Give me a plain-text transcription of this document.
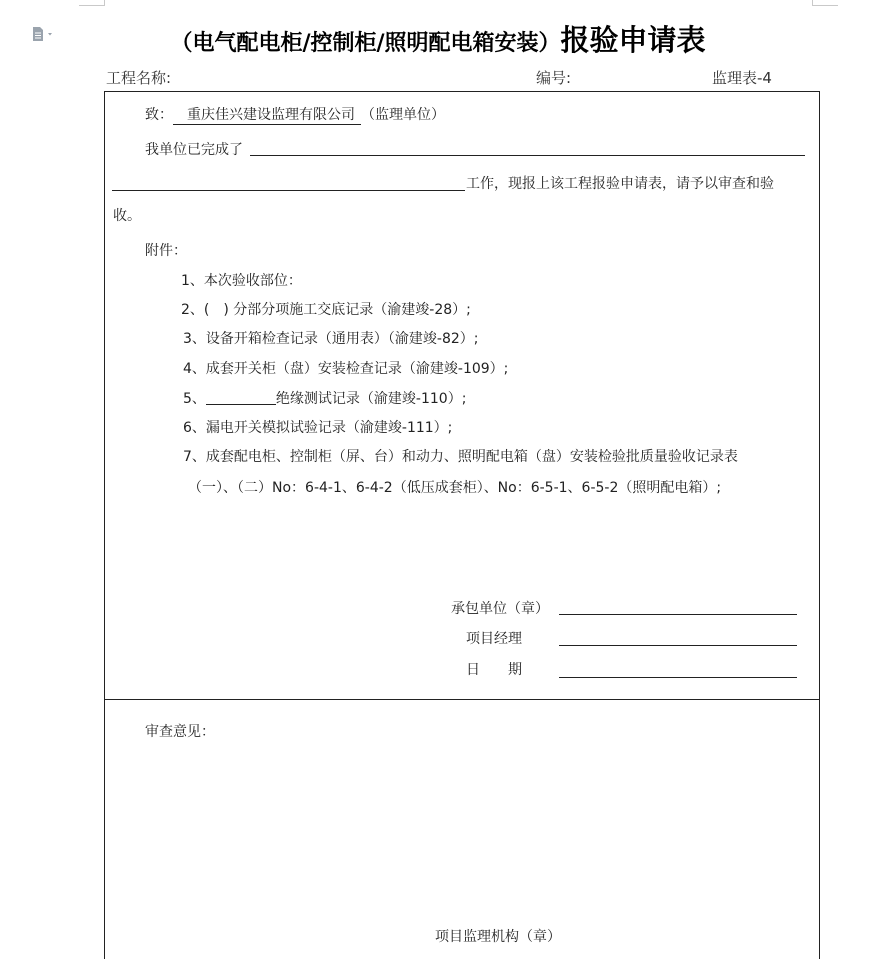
（电气配电柜/控制柜/照明配电箱安装）报验申请表
工程名称:	编号:	监理表-4
致： 重庆佳兴建设监理有限公司 （监理单位）
我单位已完成了
工作，现报上该工程报验申请表，请予以审查和验
收。
附件：
1、本次验收部位：
2、(　) 分部分项施工交底记录（渝建竣-28）;
3、设备开箱检查记录（通用表）（渝建竣-82）;
4、成套开关柜（盘）安装检查记录（渝建竣-109）;
5、	绝缘测试记录（渝建竣-110）;
6、漏电开关模拟试验记录（渝建竣-111）;
7、成套配电柜、控制柜（屏、台）和动力、照明配电箱（盘）安装检验批质量验收记录表
（一）、（二）No：6-4-1、6-4-2（低压成套柜）、No：6-5-1、6-5-2（照明配电箱）;
承包单位（章）
项目经理
日　　期
审查意见：
项目监理机构（章）
